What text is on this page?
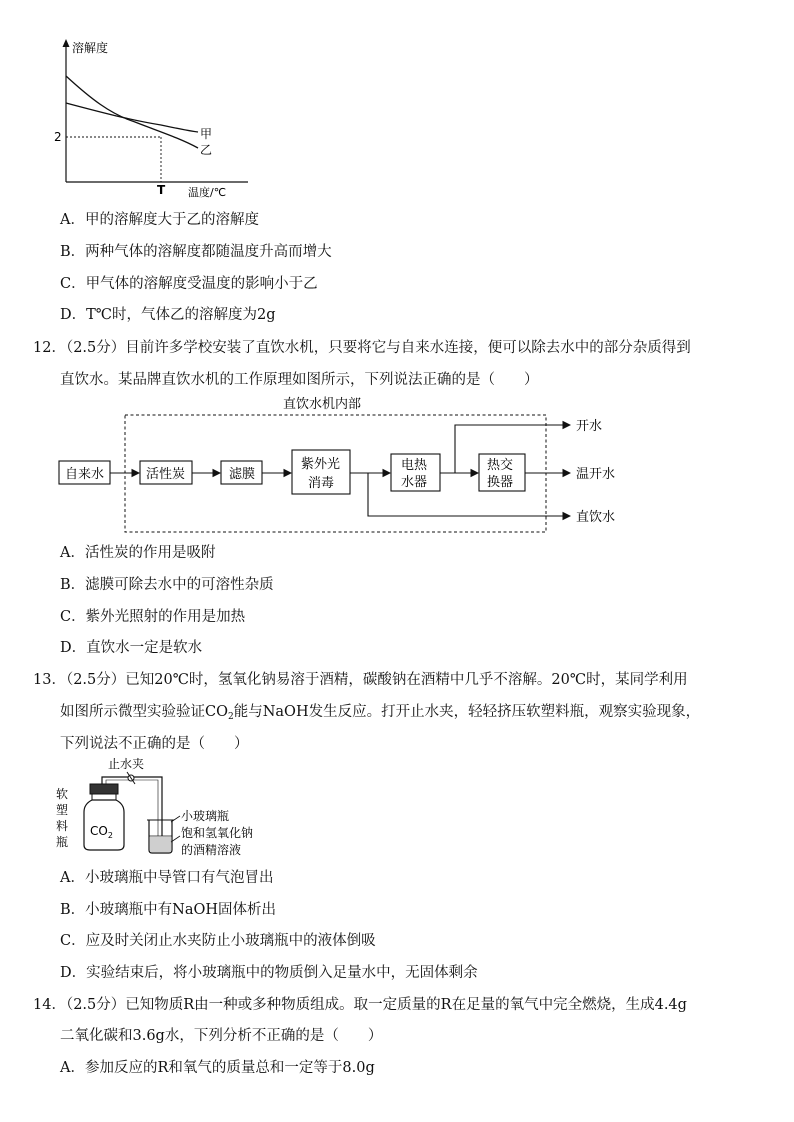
溶解度
温度/℃
2
T
甲
乙
A．甲的溶解度大于乙的溶解度
B．两种气体的溶解度都随温度升高而增大
C．甲气体的溶解度受温度的影响小于乙
D．T℃时，气体乙的溶解度为2g
12．（2.5分）目前许多学校安装了直饮水机，只要将它与自来水连接，便可以除去水中的部分杂质得到
直饮水。某品牌直饮水机的工作原理如图所示，下列说法正确的是（　　）
直饮水机内部
自来水	活性炭	滤膜
紫外光
消毒
电热
水器
热交
换器
开水
温开水
直饮水
A．活性炭的作用是吸附
B．滤膜可除去水中的可溶性杂质
C．紫外光照射的作用是加热
D．直饮水一定是软水
13．（2.5分）已知20℃时，氢氧化钠易溶于酒精，碳酸钠在酒精中几乎不溶解。20℃时，某同学利用
如图所示微型实验验证$CO_2$能与NaOH发生反应。打开止水夹，轻轻挤压软塑料瓶，观察实验现象，
下列说法不正确的是（　　）
止水夹
$CO_2$
软
塑
料
瓶
小玻璃瓶
饱和氢氧化钠
的酒精溶液
A．小玻璃瓶中导管口有气泡冒出
B．小玻璃瓶中有NaOH固体析出
C．应及时关闭止水夹防止小玻璃瓶中的液体倒吸
D．实验结束后，将小玻璃瓶中的物质倒入足量水中，无固体剩余
14．（2.5分）已知物质R由一种或多种物质组成。取一定质量的R在足量的氧气中完全燃烧，生成4.4g
二氧化碳和3.6g水，下列分析不正确的是（　　）
A．参加反应的R和氧气的质量总和一定等于8.0g
